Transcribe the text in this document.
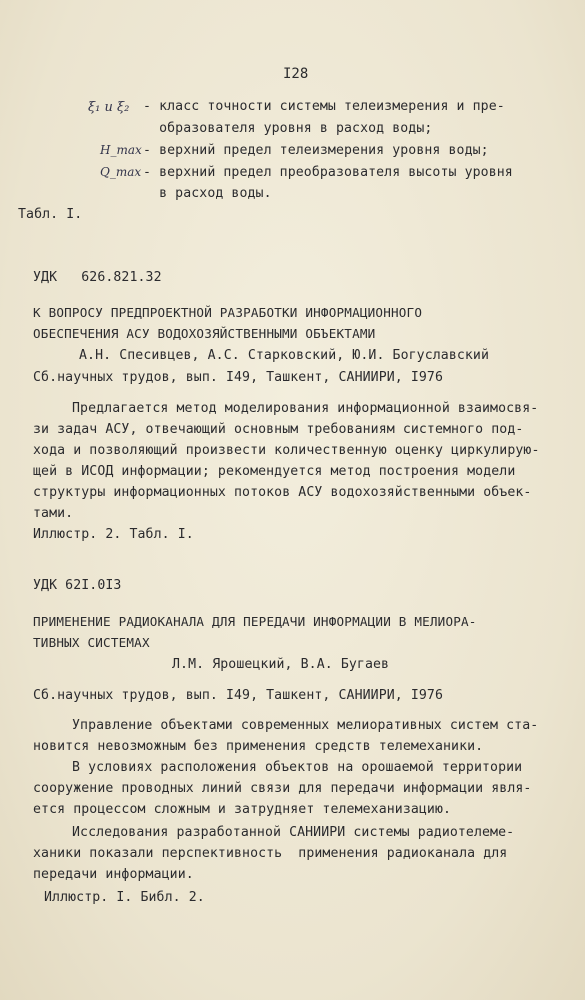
I28
ξ₁ и ξ₂ - класс точности системы телеизмерения и пре-
образователя уровня в расход воды;
H_max - верхний предел телеизмерения уровня воды;
Q_max - верхний предел преобразователя высоты уровня
в расход воды.
Табл. I.
УДК   626.821.32
К ВОПРОСУ ПРЕДПРОЕКТНОЙ РАЗРАБОТКИ ИНФОРМАЦИОННОГО
ОБЕСПЕЧЕНИЯ АСУ ВОДОХОЗЯЙСТВЕННЫМИ ОБЪЕКТАМИ
А.Н. Спесивцев, А.С. Старковский, Ю.И. Богуславский
Сб.научных трудов, вып. I49, Ташкент, САНИИРИ, I976
Предлагается метод моделирования информационной взаимосвя-
зи задач АСУ, отвечающий основным требованиям системного под-
хода и позволяющий произвести количественную оценку циркулирую-
щей в ИСОД информации; рекомендуется метод построения модели
структуры информационных потоков АСУ водохозяйственными объек-
тами.
Иллюстр. 2. Табл. I.
УДК 62I.0I3
ПРИМЕНЕНИЕ РАДИОКАНАЛА ДЛЯ ПЕРЕДАЧИ ИНФОРМАЦИИ В МЕЛИОРА-
ТИВНЫХ СИСТЕМАХ
Л.М. Ярошецкий, В.А. Бугаев
Сб.научных трудов, вып. I49, Ташкент, САНИИРИ, I976
Управление объектами современных мелиоративных систем ста-
новится невозможным без применения средств телемеханики.
В условиях расположения объектов на орошаемой территории
сооружение проводных линий связи для передачи информации явля-
ется процессом сложным и затрудняет телемеханизацию.
Исследования разработанной САНИИРИ системы радиотелеме-
ханики показали перспективность  применения радиоканала для
передачи информации.
Иллюстр. I. Библ. 2.
